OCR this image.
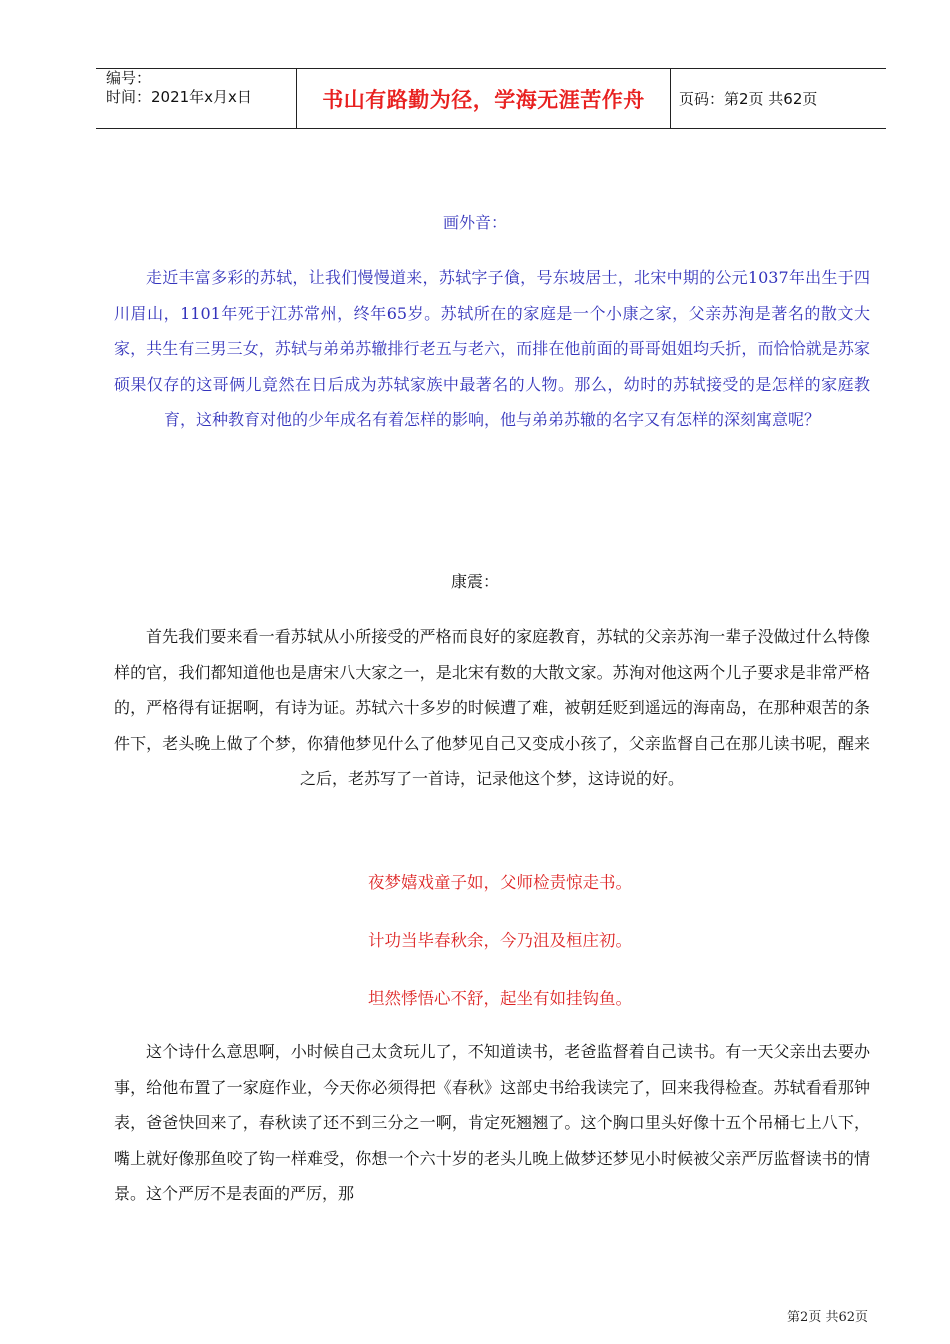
编号：
时间：2021年x月x日	书山有路勤为径，学海无涯苦作舟 页码：第2页 共62页
画外音：

走近丰富多彩的苏轼，让我们慢慢道来，苏轼字子僋，号东坡居士，北宋中期的公元1037年出生于四川眉山，1101年死于江苏常州，终年65岁。苏轼所在的家庭是一个小康之家，父亲苏洵是著名的散文大家，共生有三男三女，苏轼与弟弟苏辙排行老五与老六，而排在他前面的哥哥姐姐均夭折，而恰恰就是苏家硕果仅存的这哥俩儿竟然在日后成为苏轼家族中最著名的人物。那么，幼时的苏轼接受的是怎样的家庭教育，这种教育对他的少年成名有着怎样的影响，他与弟弟苏辙的名字又有怎样的深刻寓意呢？

康震：

首先我们要来看一看苏轼从小所接受的严格而良好的家庭教育，苏轼的父亲苏洵一辈子没做过什么特像样的官，我们都知道他也是唐宋八大家之一，是北宋有数的大散文家。苏洵对他这两个儿子要求是非常严格的，严格得有证据啊，有诗为证。苏轼六十多岁的时候遭了难，被朝廷贬到遥远的海南岛，在那种艰苦的条件下，老头晚上做了个梦，你猜他梦见什么了他梦见自己又变成小孩了，父亲监督自己在那儿读书呢，醒来之后，老苏写了一首诗，记录他这个梦，这诗说的好。

夜梦嬉戏童子如，父师检责惊走书。
计功当毕春秋余，今乃沮及桓庄初。
坦然悸悟心不舒，起坐有如挂钩鱼。

这个诗什么意思啊，小时候自己太贪玩儿了，不知道读书，老爸监督着自己读书。有一天父亲出去要办事，给他布置了一家庭作业，今天你必须得把《春秋》这部史书给我读完了，回来我得检查。苏轼看看那钟表，爸爸快回来了，春秋读了还不到三分之一啊，肯定死翘翘了。这个胸口里头好像十五个吊桶七上八下，嘴上就好像那鱼咬了钩一样难受，你想一个六十岁的老头儿晚上做梦还梦见小时候被父亲严厉监督读书的情景。这个严厉不是表面的严厉，那

第2页 共62页
